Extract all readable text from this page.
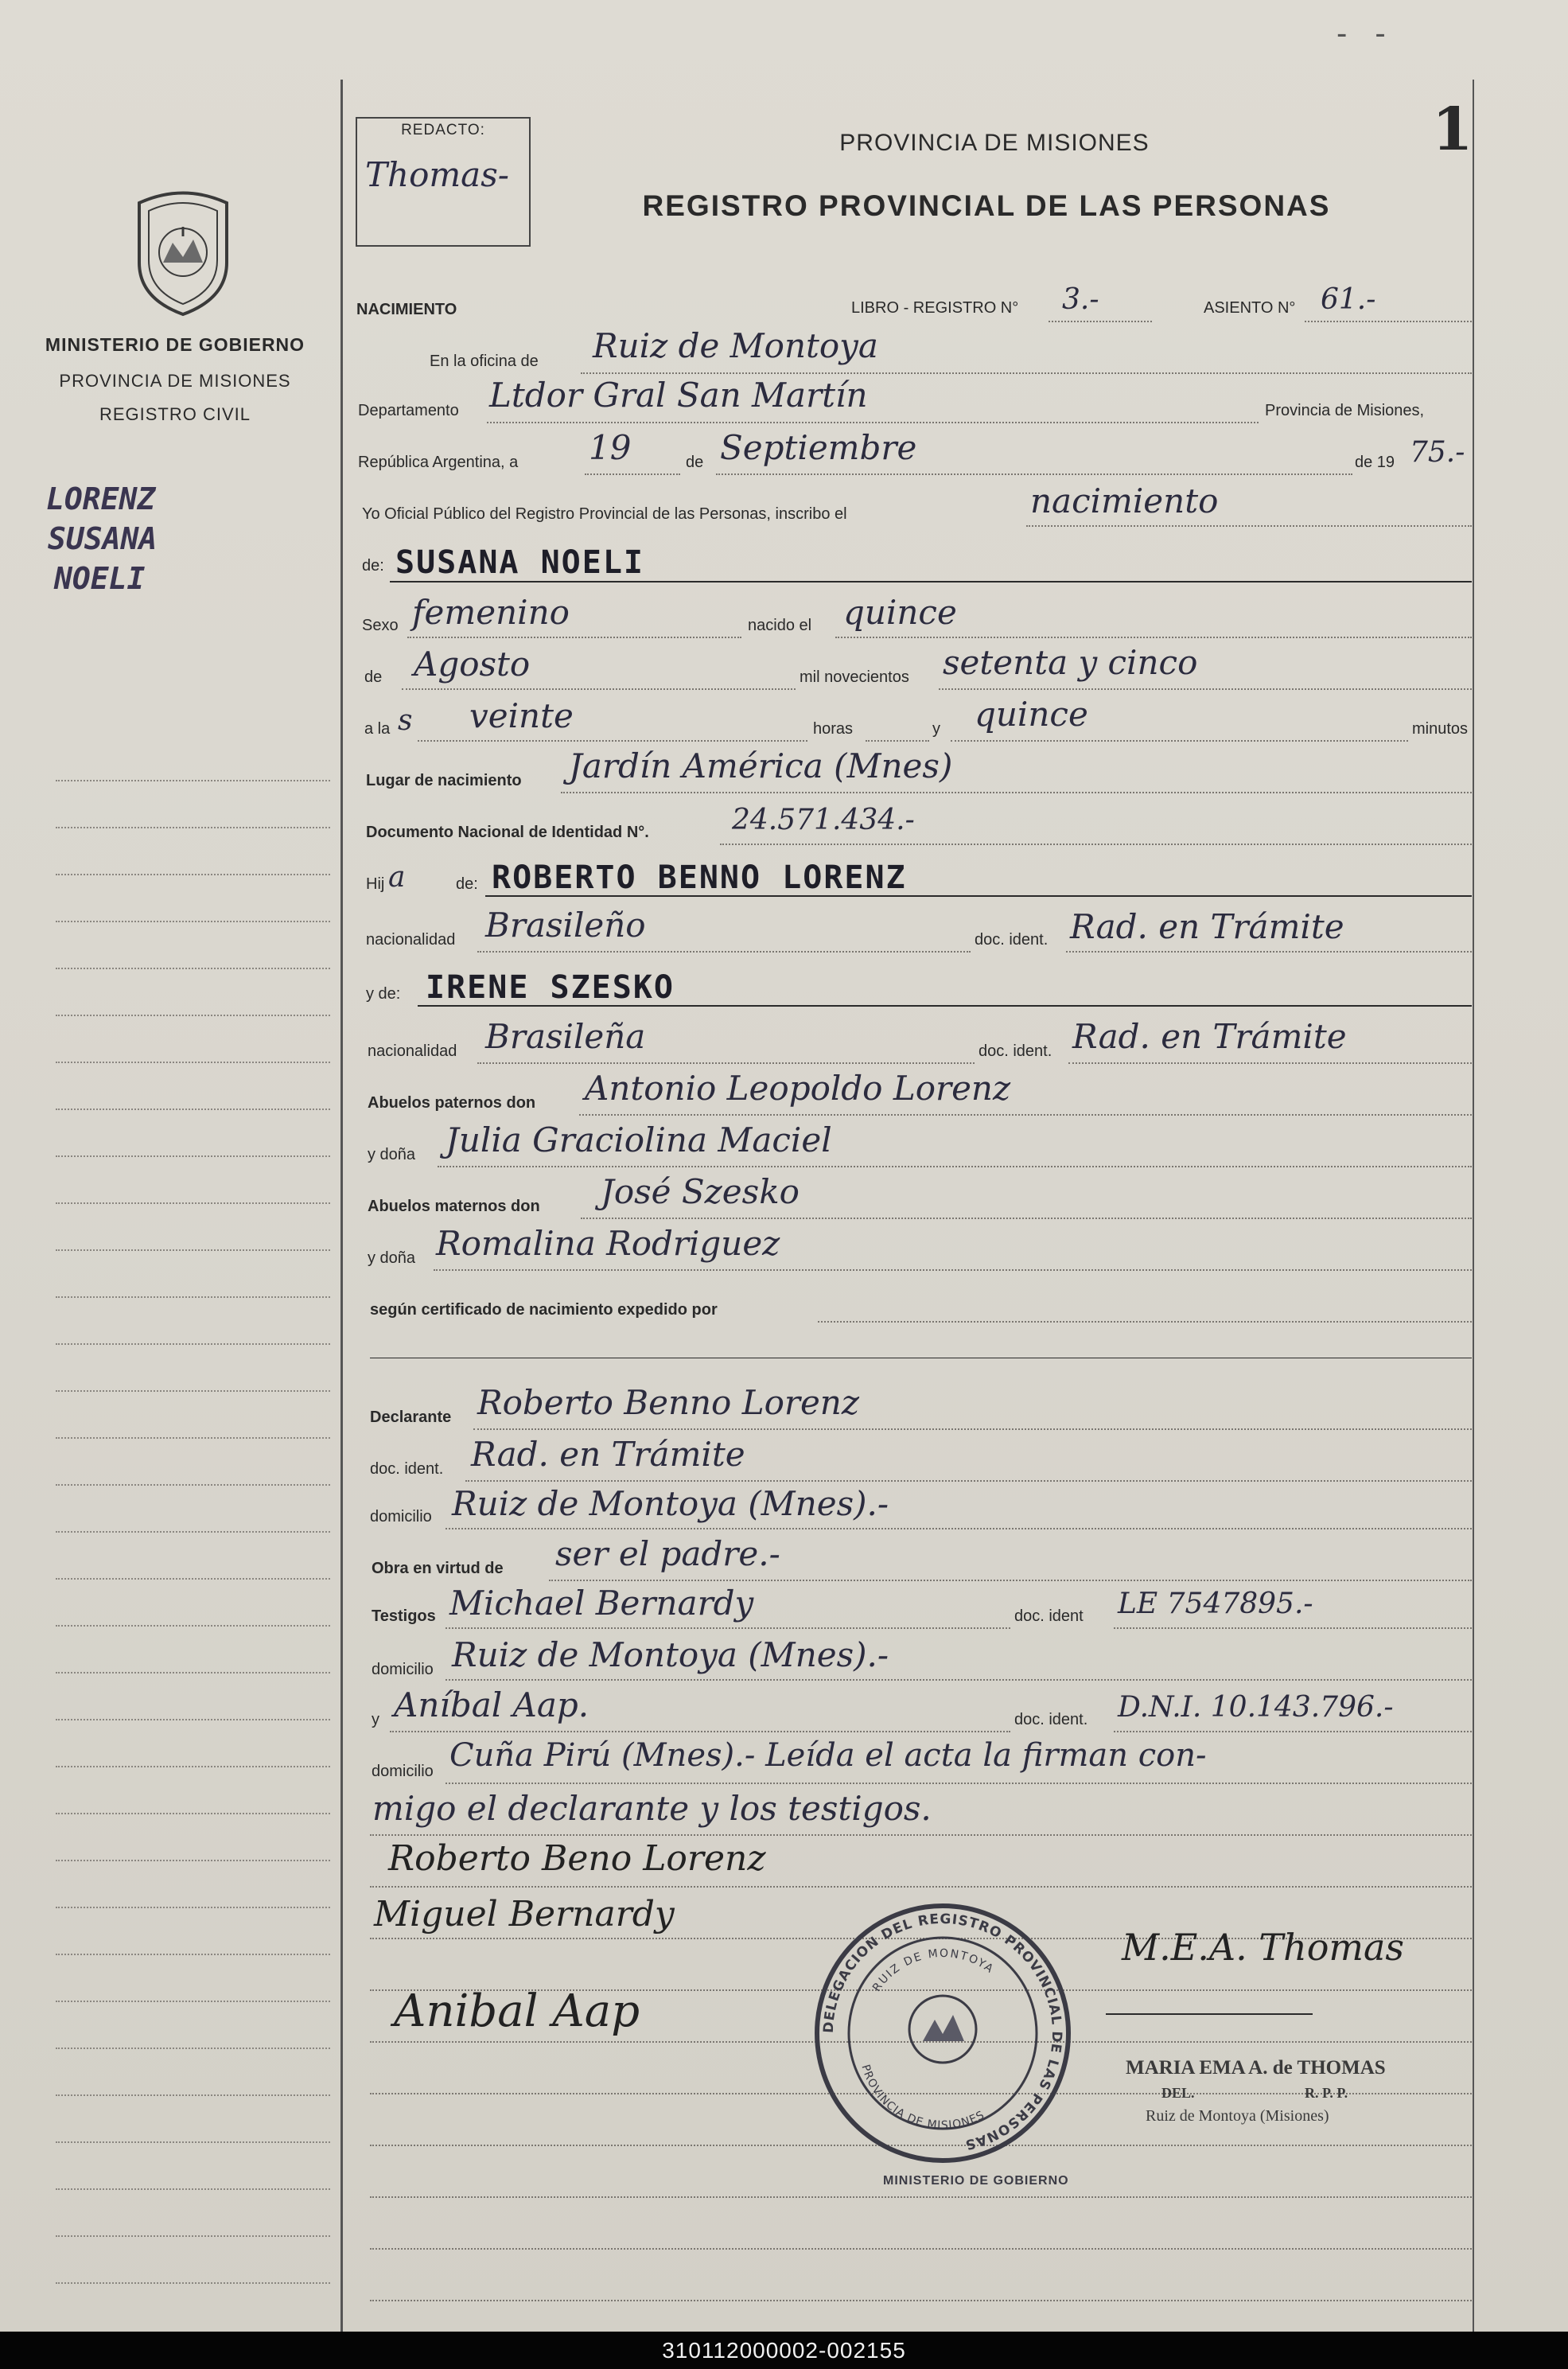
- -
1
MINISTERIO DE GOBIERNO
PROVINCIA DE MISIONES
REGISTRO CIVIL
LORENZ
SUSANA
NOELI
REDACTO:
Thomas-
PROVINCIA DE MISIONES
REGISTRO PROVINCIAL DE LAS PERSONAS
NACIMIENTO	LIBRO - REGISTRO N° 3.-	ASIENTO N° 61.-
En la oficina de Ruiz de Montoya
Departamento Ltdor Gral San Martín	Provincia de Misiones,
República Argentina, a 19	de Septiembre	de 19 75.-
Yo Oficial Público del Registro Provincial de las Personas, inscribo el	nacimiento
de: SUSANA NOELI
Sexo femenino	nacido el quince
de Agosto	mil novecientos setenta y cinco
a la s veinte	horas	y quince	minutos
Lugar de nacimiento Jardín América (Mnes)
Documento Nacional de Identidad N°.	24.571.434.-
Hij a	de: ROBERTO BENNO LORENZ
nacionalidad Brasileño	doc. ident. Rad. en Trámite
y de: IRENE SZESKO
nacionalidad Brasileña	doc. ident. Rad. en Trámite
Abuelos paternos don Antonio Leopoldo Lorenz
y doña Julia Graciolina Maciel
Abuelos maternos don José Szesko
y doña Romalina Rodriguez
según certificado de nacimiento expedido por
Declarante Roberto Benno Lorenz
doc. ident. Rad. en Trámite
domicilio Ruiz de Montoya (Mnes).-
Obra en virtud de ser el padre.-
Testigos Michael Bernardy	doc. ident LE 7547895.-
domicilio Ruiz de Montoya (Mnes).-
y Aníbal Aap.	doc. ident. D.N.I. 10.143.796.-
domicilio Cuña Pirú (Mnes).- Leída el acta la firman con-
migo el declarante y los testigos.
Roberto Beno Lorenz
Miguel Bernardy
M.E.A. Thomas
Anibal Aap
MARIA EMA A. de THOMAS
DEL.	R. P. P.
Ruiz de Montoya (Misiones)
DELEGACION DEL REGISTRO PROVINCIAL DE LAS PERSONAS
RUIZ DE MONTOYA
PROVINCIA DE MISIONES
MINISTERIO DE GOBIERNO
310112000002-002155
